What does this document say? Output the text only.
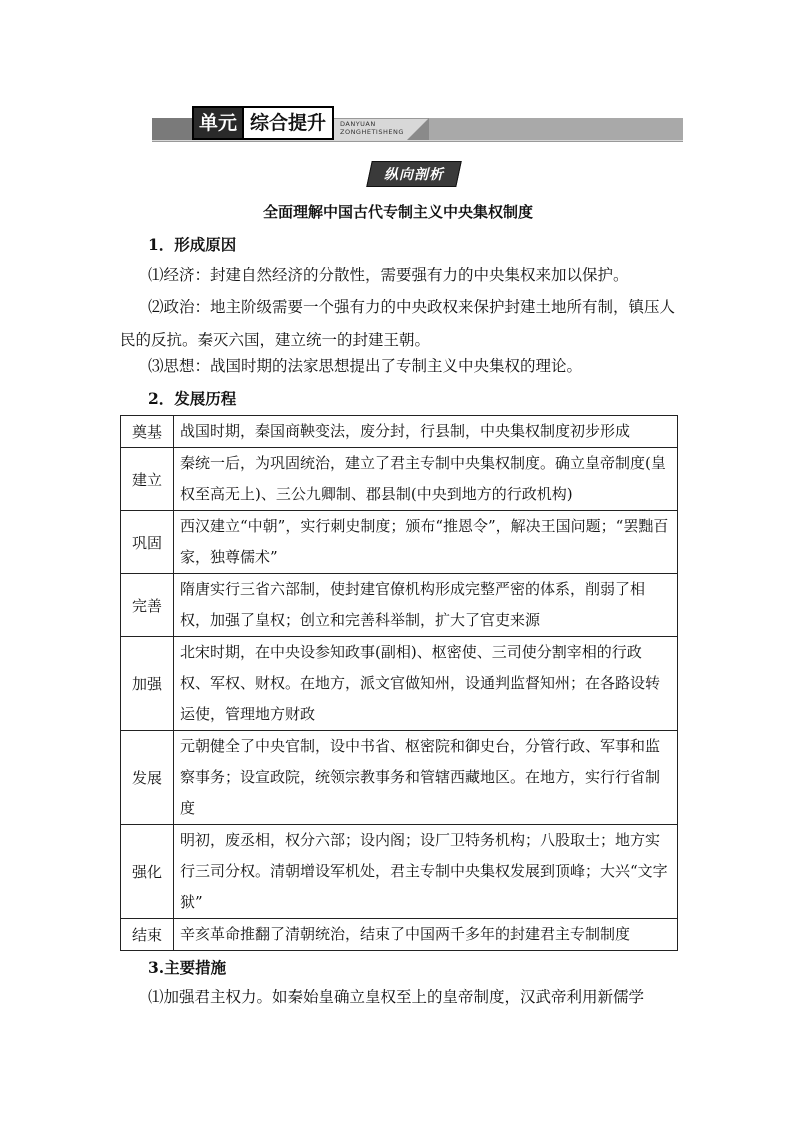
单元 综合提升	DANYUAN
ZONGHETISHENG
纵向剖析
全面理解中国古代专制主义中央集权制度
1．形成原因
⑴经济：封建自然经济的分散性，需要强有力的中央集权来加以保护。
⑵政治：地主阶级需要一个强有力的中央政权来保护封建土地所有制，镇压人民的反抗。秦灭六国，建立统一的封建王朝。
⑶思想：战国时期的法家思想提出了专制主义中央集权的理论。
2．发展历程
奠基	战国时期，秦国商鞅变法，废分封，行县制，中央集权制度初步形成
建立	秦统一后，为巩固统治，建立了君主专制中央集权制度。确立皇帝制度(皇权至高无上)、三公九卿制、郡县制(中央到地方的行政机构)
巩固	西汉建立“中朝”，实行刺史制度；颁布“推恩令”，解决王国问题；“罢黜百家，独尊儒术”
完善	隋唐实行三省六部制，使封建官僚机构形成完整严密的体系，削弱了相权，加强了皇权；创立和完善科举制，扩大了官吏来源
加强	北宋时期，在中央设参知政事(副相)、枢密使、三司使分割宰相的行政权、军权、财权。在地方，派文官做知州，设通判监督知州；在各路设转运使，管理地方财政
发展	元朝健全了中央官制，设中书省、枢密院和御史台，分管行政、军事和监察事务；设宣政院，统领宗教事务和管辖西藏地区。在地方，实行行省制度
强化	明初，废丞相，权分六部；设内阁；设厂卫特务机构；八股取士；地方实行三司分权。清朝增设军机处，君主专制中央集权发展到顶峰；大兴“文字狱”
结束	辛亥革命推翻了清朝统治，结束了中国两千多年的封建君主专制制度
3.主要措施
⑴加强君主权力。如秦始皇确立皇权至上的皇帝制度，汉武帝利用新儒学
